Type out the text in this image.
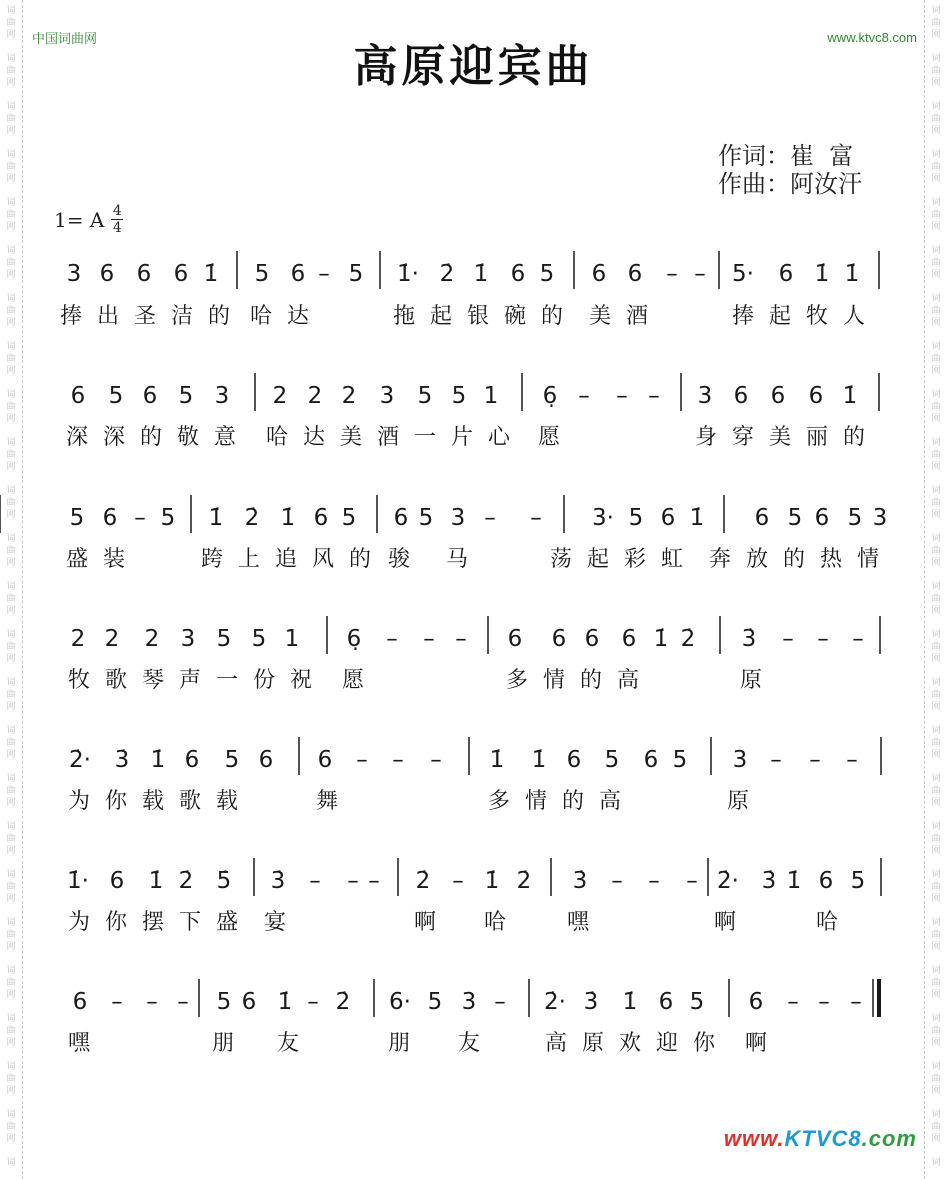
词
曲
网
词
曲
网
词
曲
网
词
曲
网
词
曲
网
词
曲
网
词
曲
网
词
曲
网
词
曲
网
词
曲
网
词
曲
网
词
曲
网
词
曲
网
词
曲
网
词
曲
网
词
曲
网
词
曲
网
词
曲
网
词
曲
网
词
曲
网
词
曲
网
词
曲
网
词
曲
网
词
曲
网
词
词
曲
网
词
曲
网
词
曲
网
词
曲
网
词
曲
网
词
曲
网
词
曲
网
词
曲
网
词
曲
网
词
曲
网
词
曲
网
词
曲
网
词
曲
网
词
曲
网
词
曲
网
词
曲
网
词
曲
网
词
曲
网
词
曲
网
词
曲
网
词
曲
网
词
曲
网
词
曲
网
词
曲
网
词
中国词曲网	www.ktvc8.com
高原迎宾曲
作词：崔  富
作曲：阿汝汗
1= A $\frac{4}{4}$
3 6 6 6 1̇ 5 6 – 5 1̇· 2̇ 1̇ 6 5 6 6 – – 5· 6 1̇ 1̇
捧出圣洁的 哈达	拖起银碗的 美酒	捧起牧人
6 5 6 5 3 2 2 2 3 5 5 1 6̣ – – – 3 6 6 6 1̇
深深的敬意 哈达美酒一片心 愿	身穿美丽的
5 6 – 5 1̇ 2̇ 1̇ 6 5 6 5 3 – – 3· 5 6 1̇ 6 5 6 5 3
盛装	跨上追风的 骏 马	荡起彩虹 奔放的热情
2 2 2 3 5 5 1 6̣ – – – 6 6 6 6 1̇ 2̇ 3̇ – – –
牧歌琴声一份祝 愿	多情的高	原
2̇· 3̇ 1̇ 6 5 6 6 – – – 1̇ 1̇ 6 5 6 5 3 – – –
为你载歌载	舞	多情的高	原
1̇· 6 1̇ 2̇ 5̇ 3̇ – – – 2̇ – 1̇ 2̇ 3̇ – – – 2̇· 3̇ 1̇ 6 5
为你摆下盛 宴	啊 哈 嘿	啊	哈
6 – – – 5 6 1̇ – 2̇ 6· 5 3 – 2̇· 3̇ 1̇ 6 5 6 – – –
嘿	朋 友	朋 友 高原欢迎你 啊
www.KTVC8.com
